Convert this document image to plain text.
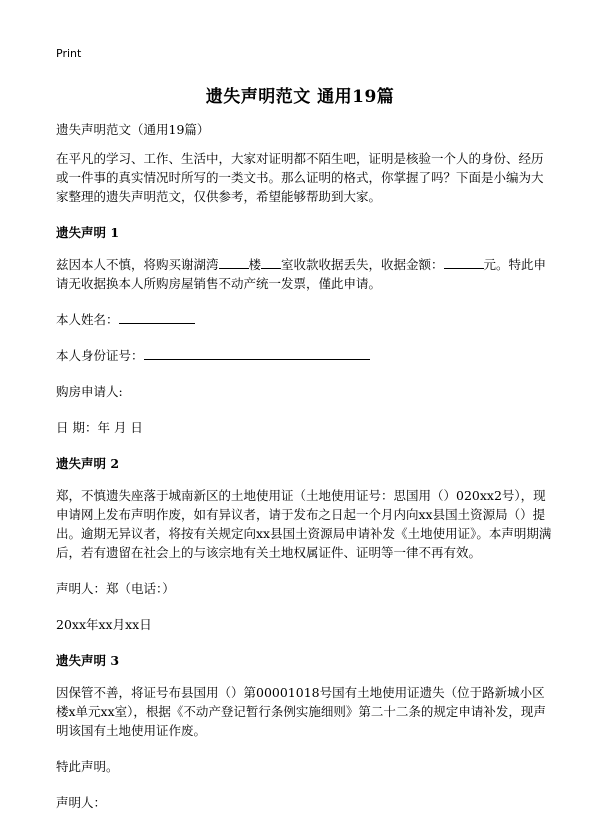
Print
遗失声明范文 通用19篇

遗失声明范文（通用19篇）

在平凡的学习、工作、生活中，大家对证明都不陌生吧，证明是核验一个人的身份、经历或一件事的真实情况时所写的一类文书。那么证明的格式，你掌握了吗？下面是小编为大家整理的遗失声明范文，仅供参考，希望能够帮助到大家。

遗失声明 1

兹因本人不慎，将购买谢湖湾 楼 室收款收据丢失，收据金额：	元。特此申请无收据换本人所购房屋销售不动产统一发票，僅此申请。

本人姓名：

本人身份证号：

购房申请人:

日 期：年 月 日

遗失声明 2

郑，不慎遗失座落于城南新区的土地使用证（土地使用证号：思国用（）020xx2号），现申请网上发布声明作废，如有异议者，请于发布之日起一个月内向xx县国土资源局（）提出。逾期无异议者，将按有关规定向xx县国土资源局申请补发《土地使用证》。本声明期满后，若有遗留在社会上的与该宗地有关土地权属证件、证明等一律不再有效。

声明人：郑（电话：）

20xx年xx月xx日

遗失声明 3

因保管不善，将证号布县国用（）第00001018号国有土地使用证遗失（位于路新城小区楼x单元xx室），根据《不动产登记暂行条例实施细则》第二十二条的规定申请补发，现声明该国有土地使用证作废。

特此声明。

声明人：
